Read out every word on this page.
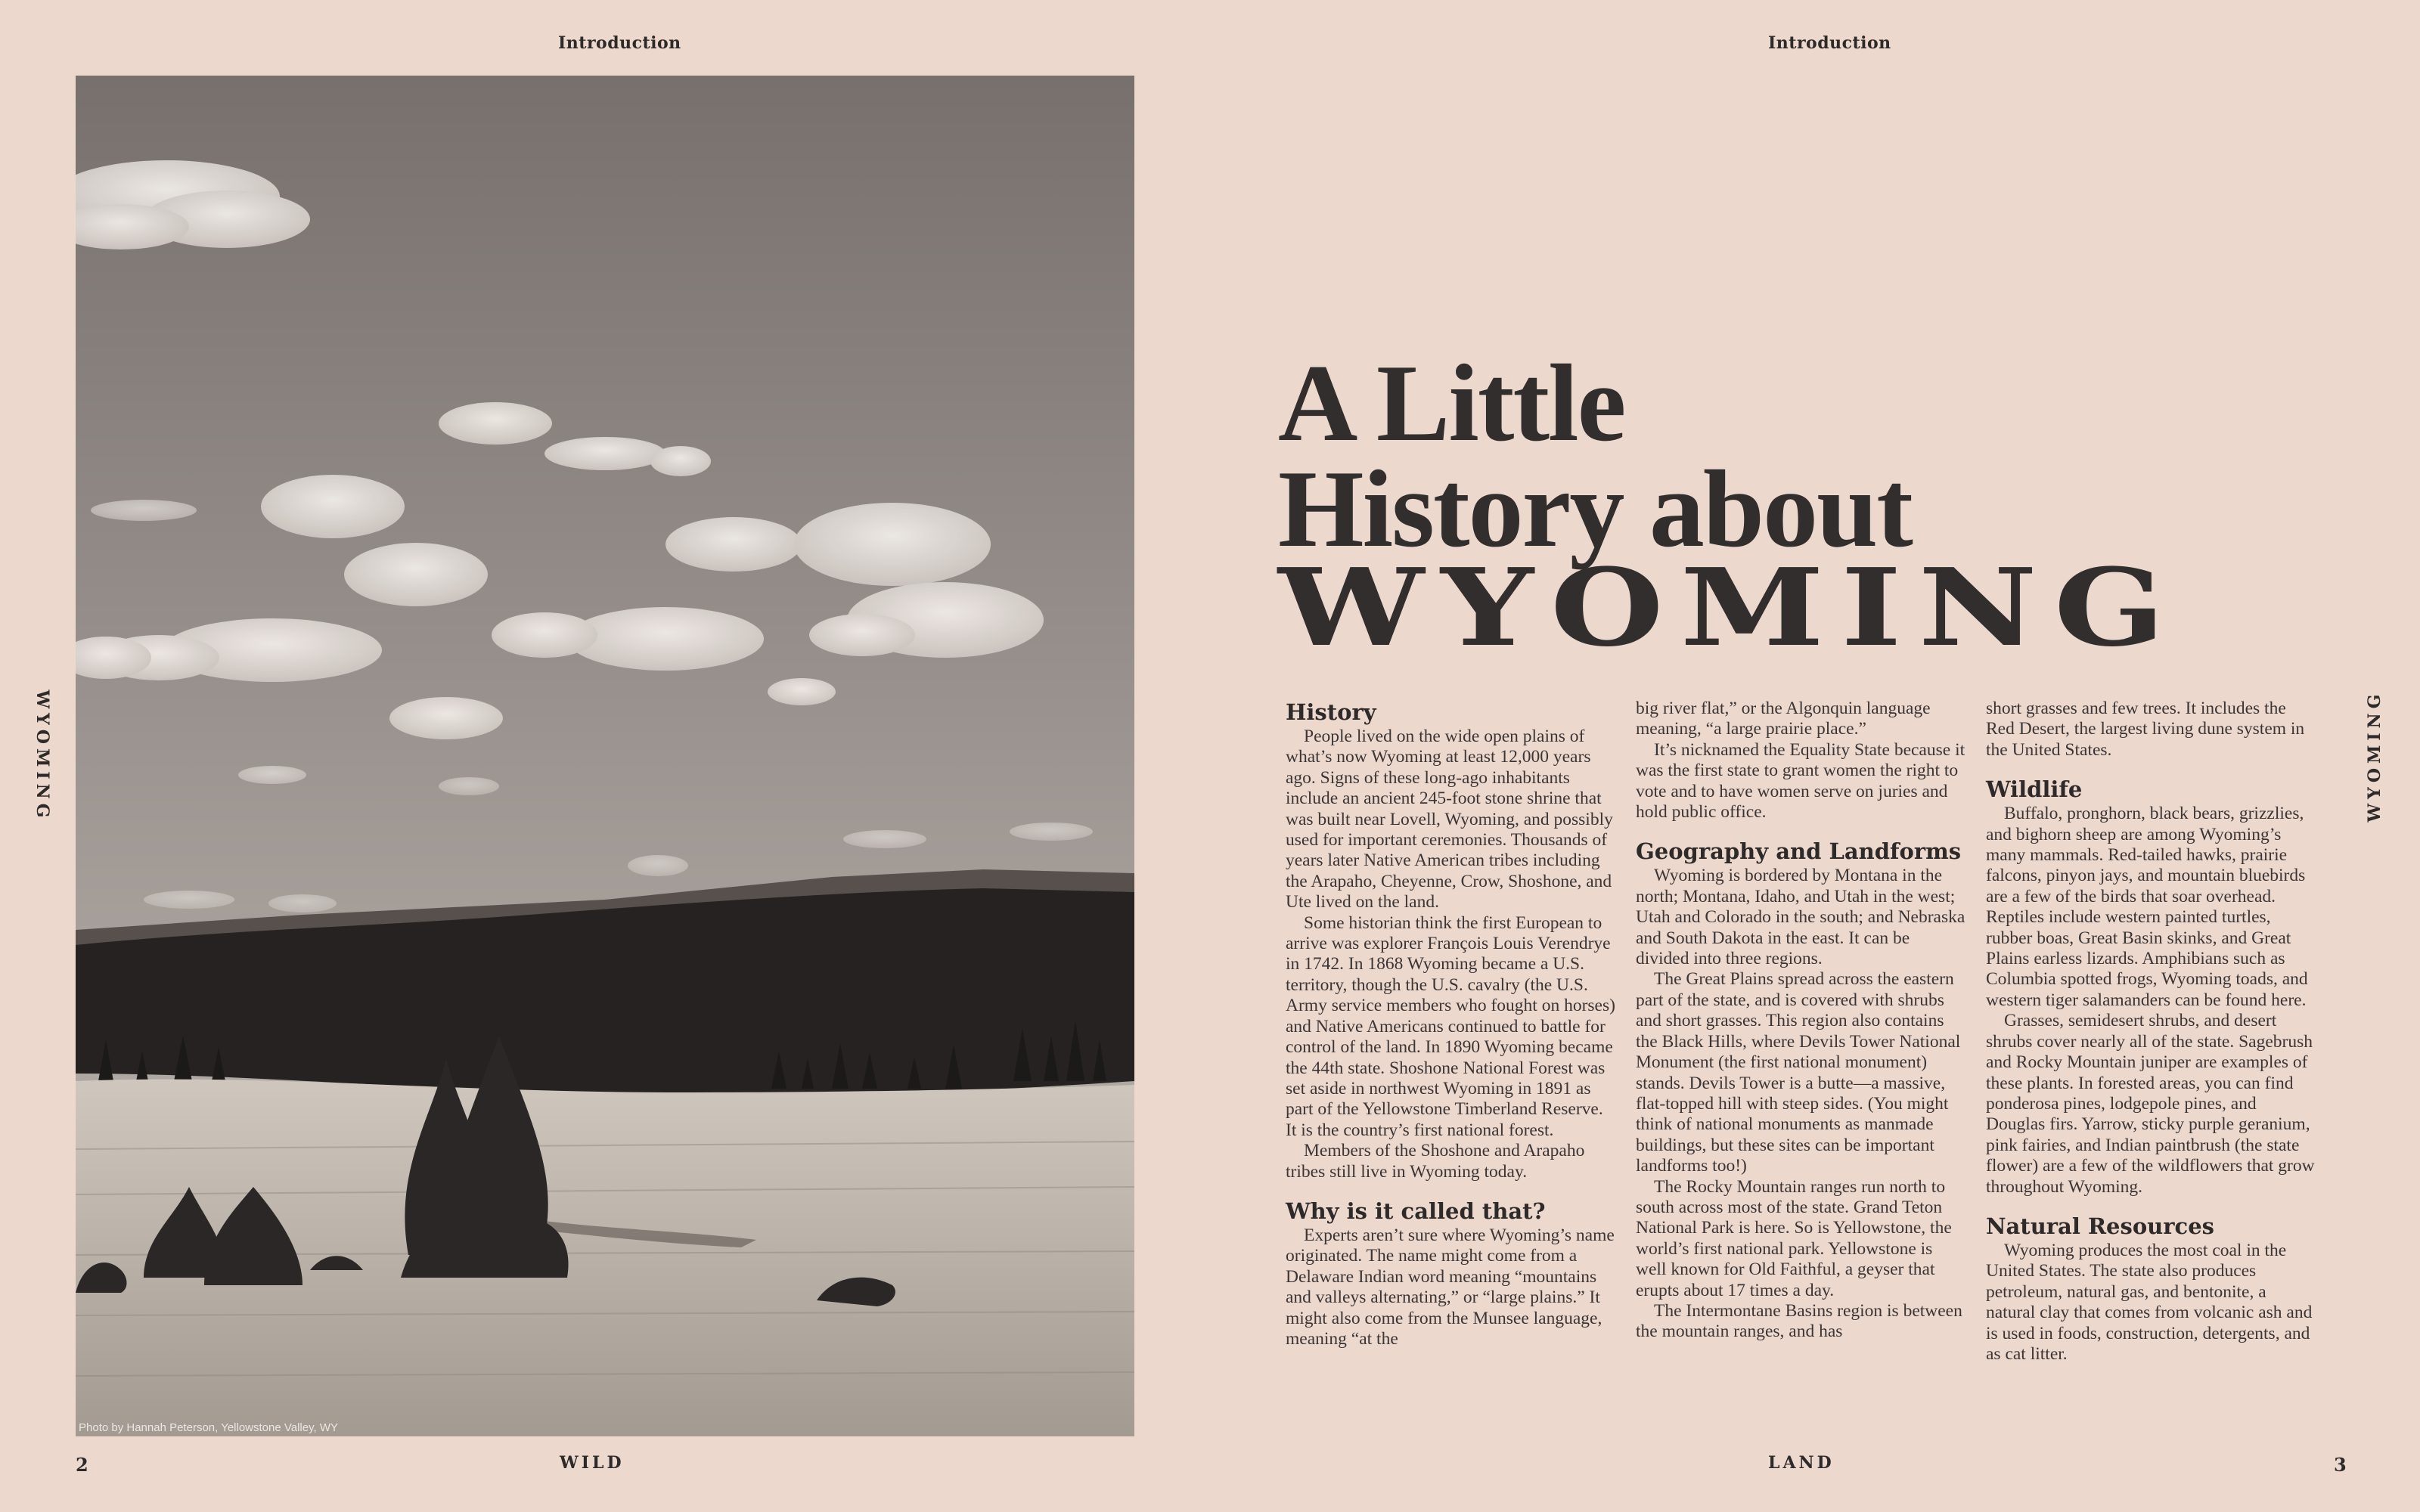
Introduction
WYOMING
Photo by Hannah Peterson, Yellowstone Valley, WY
2	WILD
Introduction
WYOMING
A Little
History about
WYOMING
History

People lived on the wide open plains of what’s now Wyoming at least 12,000 years ago. Signs of these long-ago inhabitants include an ancient 245-foot stone shrine that was built near Lovell, Wyoming, and possibly used for important ceremonies. Thousands of years later Native American tribes including the Arapaho, Cheyenne, Crow, Shoshone, and Ute lived on the land.

Some historian think the first European to arrive was explorer François Louis Verendrye in 1742. In 1868 Wyoming became a U.S. territory, though the U.S. cavalry (the U.S. Army service members who fought on horses) and Native Americans continued to battle for control of the land. In 1890 Wyoming became the 44th state. Shoshone National Forest was set aside in northwest Wyoming in 1891 as part of the Yellowstone Timberland Reserve. It is the country’s first national forest.

Members of the Shoshone and Arapaho tribes still live in Wyoming today.

Why is it called that?

Experts aren’t sure where Wyoming’s name originated. The name might come from a Delaware Indian word meaning “mountains and valleys alternating,” or “large plains.” It might also come from the Munsee language, meaning “at the

big river flat,” or the Algonquin language meaning, “a large prairie place.”

It’s nicknamed the Equality State because it was the first state to grant women the right to vote and to have women serve on juries and hold public office.

Geography and Landforms

Wyoming is bordered by Montana in the north; Montana, Idaho, and Utah in the west; Utah and Colorado in the south; and Nebraska and South Dakota in the east. It can be divided into three regions.

The Great Plains spread across the eastern part of the state, and is covered with shrubs and short grasses. This region also contains the Black Hills, where Devils Tower National Monument (the first national monument) stands. Devils Tower is a butte—a massive, flat-topped hill with steep sides. (You might think of national monuments as manmade buildings, but these sites can be important landforms too!)

The Rocky Mountain ranges run north to south across most of the state. Grand Teton National Park is here. So is Yellowstone, the world’s first national park. Yellowstone is well known for Old Faithful, a geyser that erupts about 17 times a day.

The Intermontane Basins region is between the mountain ranges, and has

short grasses and few trees. It includes the Red Desert, the largest living dune system in the United States.

Wildlife

Buffalo, pronghorn, black bears, grizzlies, and bighorn sheep are among Wyoming’s many mammals. Red-tailed hawks, prairie falcons, pinyon jays, and mountain bluebirds are a few of the birds that soar overhead. Reptiles include western painted turtles, rubber boas, Great Basin skinks, and Great Plains earless lizards. Amphibians such as Columbia spotted frogs, Wyoming toads, and western tiger salamanders can be found here.

Grasses, semidesert shrubs, and desert shrubs cover nearly all of the state. Sagebrush and Rocky Mountain juniper are examples of these plants. In forested areas, you can find ponderosa pines, lodgepole pines, and Douglas firs. Yarrow, sticky purple geranium, pink fairies, and Indian paintbrush (the state flower) are a few of the wildflowers that grow throughout Wyoming.

Natural Resources

Wyoming produces the most coal in the United States. The state also produces petroleum, natural gas, and bentonite, a natural clay that comes from volcanic ash and is used in foods, construction, detergents, and as cat litter.

LAND	3
